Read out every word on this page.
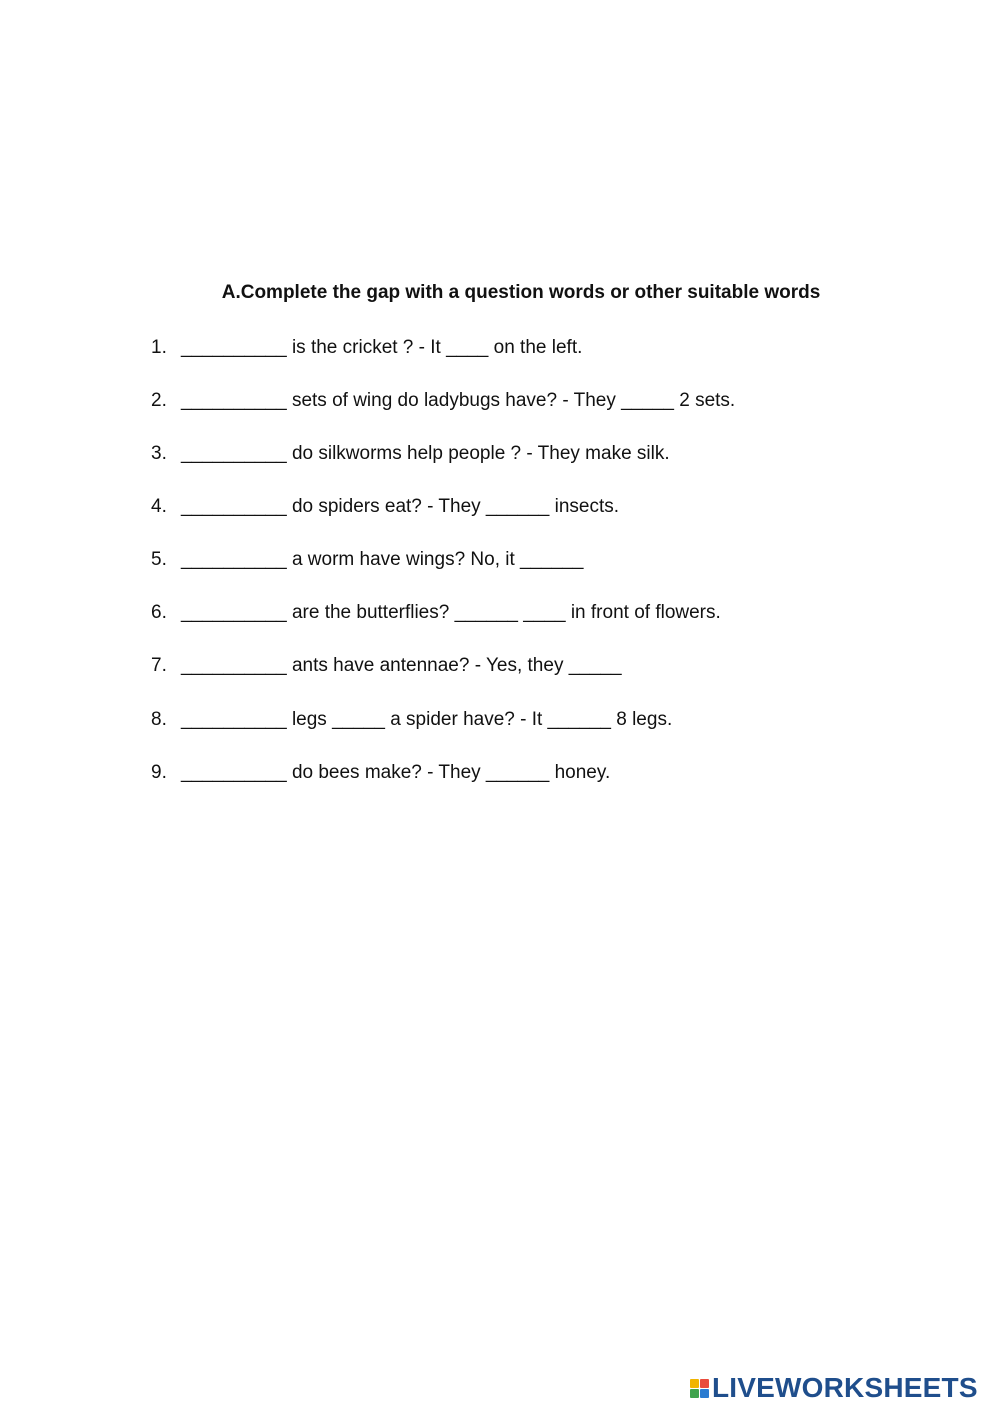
A.Complete the gap with a question words or other suitable words
1. __________ is the cricket ? - It ____ on the left.
2. __________ sets of wing do ladybugs have? - They _____ 2 sets.
3. __________ do silkworms help people ? - They make silk.
4. __________ do spiders eat? - They ______ insects.
5. __________ a worm have wings? No, it ______
6. __________ are the butterflies? ______ ____ in front of flowers.
7. __________ ants have antennae? - Yes, they _____
8. __________ legs _____ a spider have? - It ______ 8 legs.
9. __________ do bees make? - They ______ honey.
LIVEWORKSHEETS
